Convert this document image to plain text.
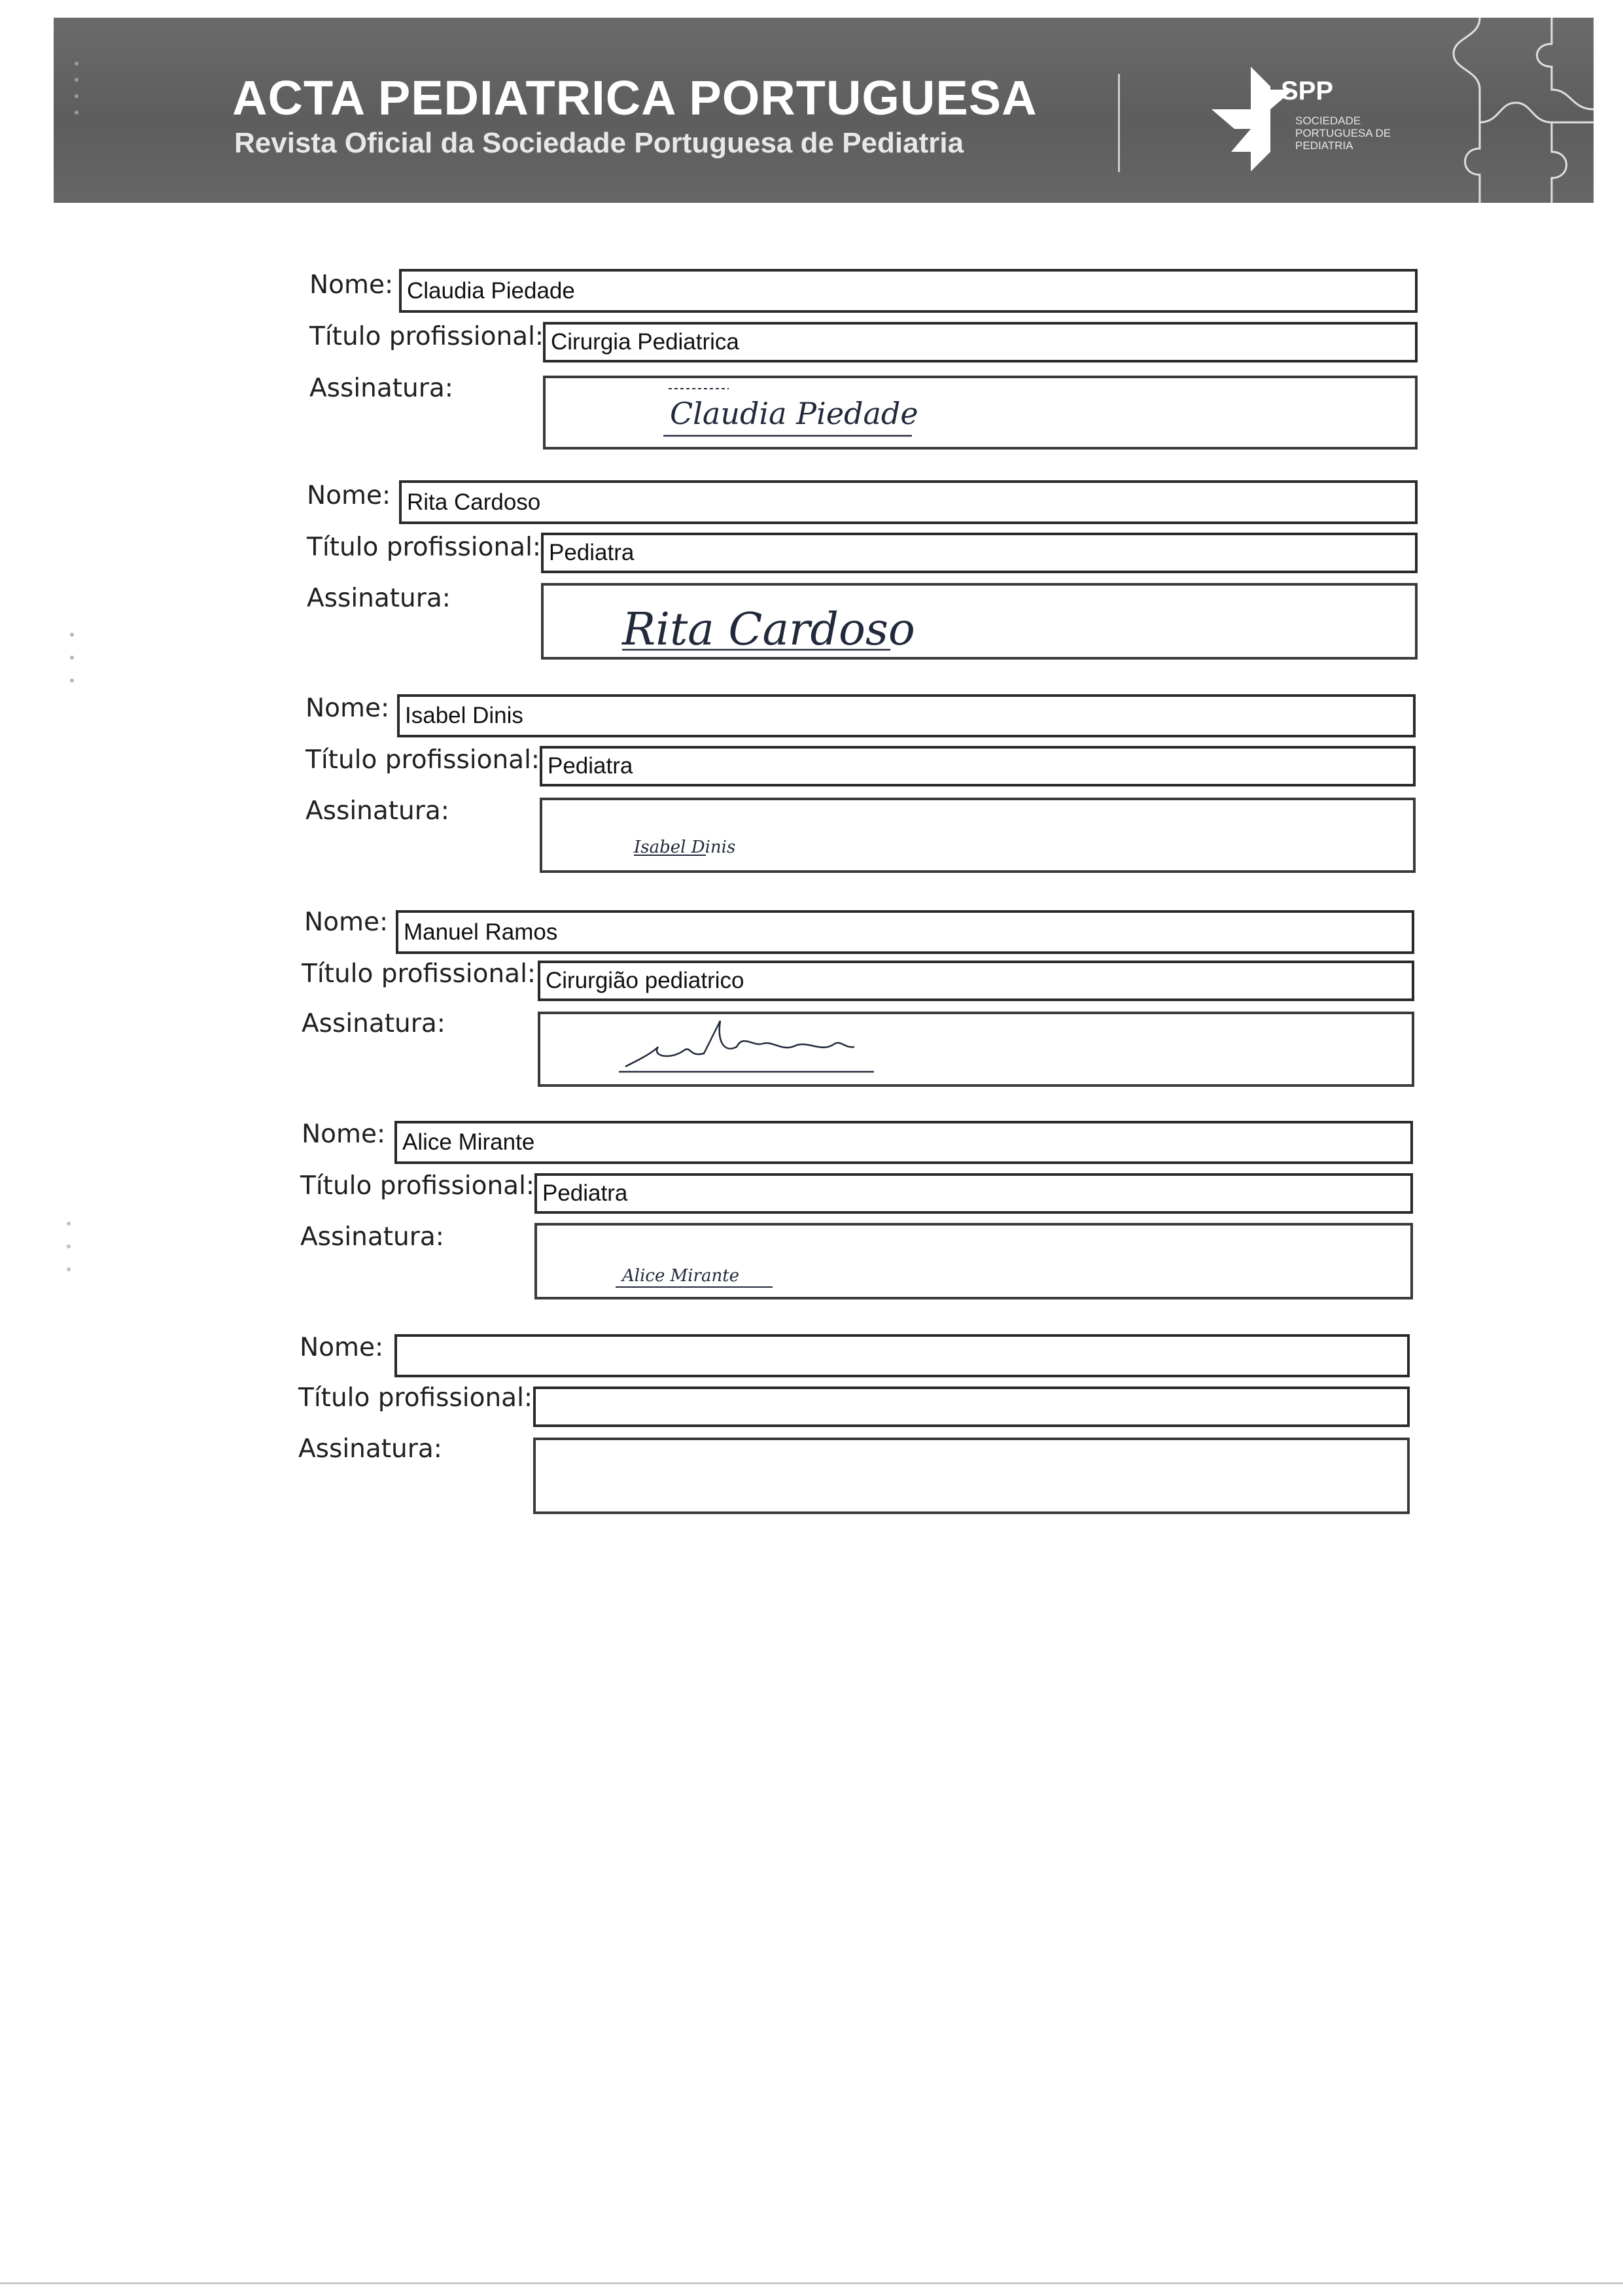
ACTA PEDIATRICA PORTUGUESA
Revista Oficial da Sociedade Portuguesa de Pediatria
SPP
SOCIEDADE PORTUGUESA DE PEDIATRIA
Nome: Claudia Piedade
Título profissional: Cirurgia Pediatrica
Assinatura:
Claudia Piedade
Nome: Rita Cardoso
Título profissional: Pediatra
Assinatura:
Rita Cardoso
Nome: Isabel Dinis
Título profissional: Pediatra
Assinatura:
Isabel Dinis
Nome: Manuel Ramos
Título profissional: Cirurgião pediatrico
Assinatura:	Manuel Ramos
Nome: Alice Mirante
Título profissional: Pediatra
Assinatura:
Alice Mirante
Nome:
Título profissional:
Assinatura:
